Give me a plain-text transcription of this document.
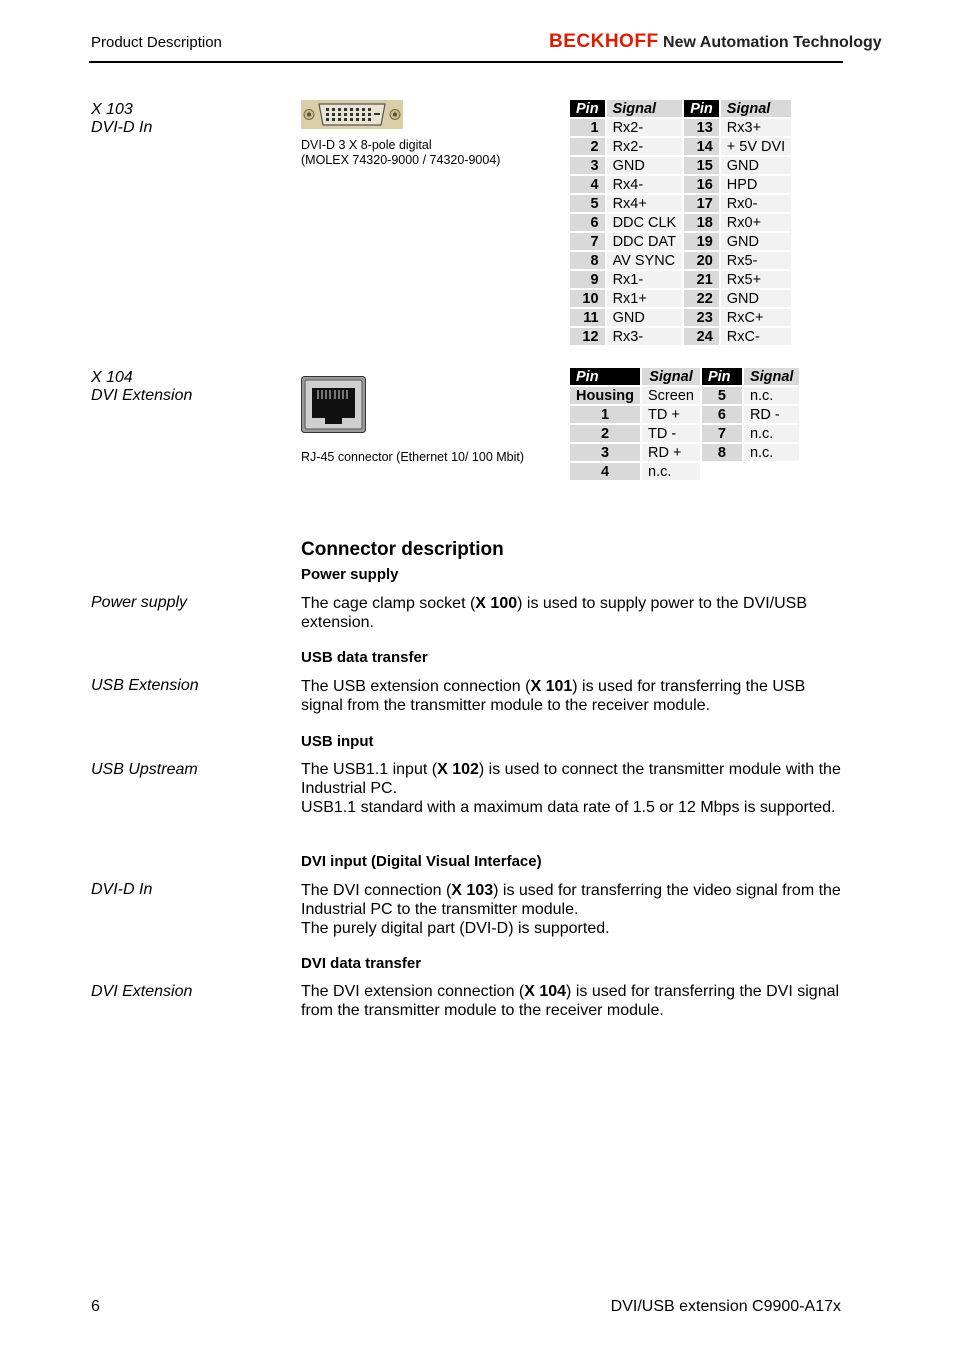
Product Description	BECKHOFF New Automation Technology
X 103
DVI-D In
DVI-D 3 X 8-pole digital
(MOLEX 74320-9000 / 74320-9004)
Pin	Signal	Pin	Signal
1	Rx2-	13	Rx3+
2	Rx2-	14	+ 5V DVI
3	GND	15	GND
4	Rx4-	16	HPD
5	Rx4+	17	Rx0-
6	DDC CLK	18	Rx0+
7	DDC DAT	19	GND
8	AV SYNC	20	Rx5-
9	Rx1-	21	Rx5+
10	Rx1+	22	GND
11	GND	23	RxC+
12	Rx3-	24	RxC-
X 104
DVI Extension
RJ-45 connector (Ethernet 10/ 100 Mbit)
Pin	Signal	Pin	Signal
Housing	Screen	5	n.c.
1	TD +	6	RD -
2	TD -	7	n.c.
3	RD +	8	n.c.
4	n.c.		
Connector description
Power supply
Power supply	The cage clamp socket (X 100) is used to supply power to the DVI/USB extension.
USB data transfer
USB Extension	The USB extension connection (X 101) is used for transferring the USB signal from the transmitter module to the receiver module.
USB input
USB Upstream	The USB1.1 input (X 102) is used to connect the transmitter module with the Industrial PC.
USB1.1 standard with a maximum data rate of 1.5 or 12 Mbps is supported.
DVI input (Digital Visual Interface)
DVI-D In	The DVI connection (X 103) is used for transferring the video signal from the Industrial PC to the transmitter module.
The purely digital part (DVI-D) is supported.
DVI data transfer
DVI Extension	The DVI extension connection (X 104) is used for transferring the DVI signal from the transmitter module to the receiver module.
6	DVI/USB extension C9900-A17x
